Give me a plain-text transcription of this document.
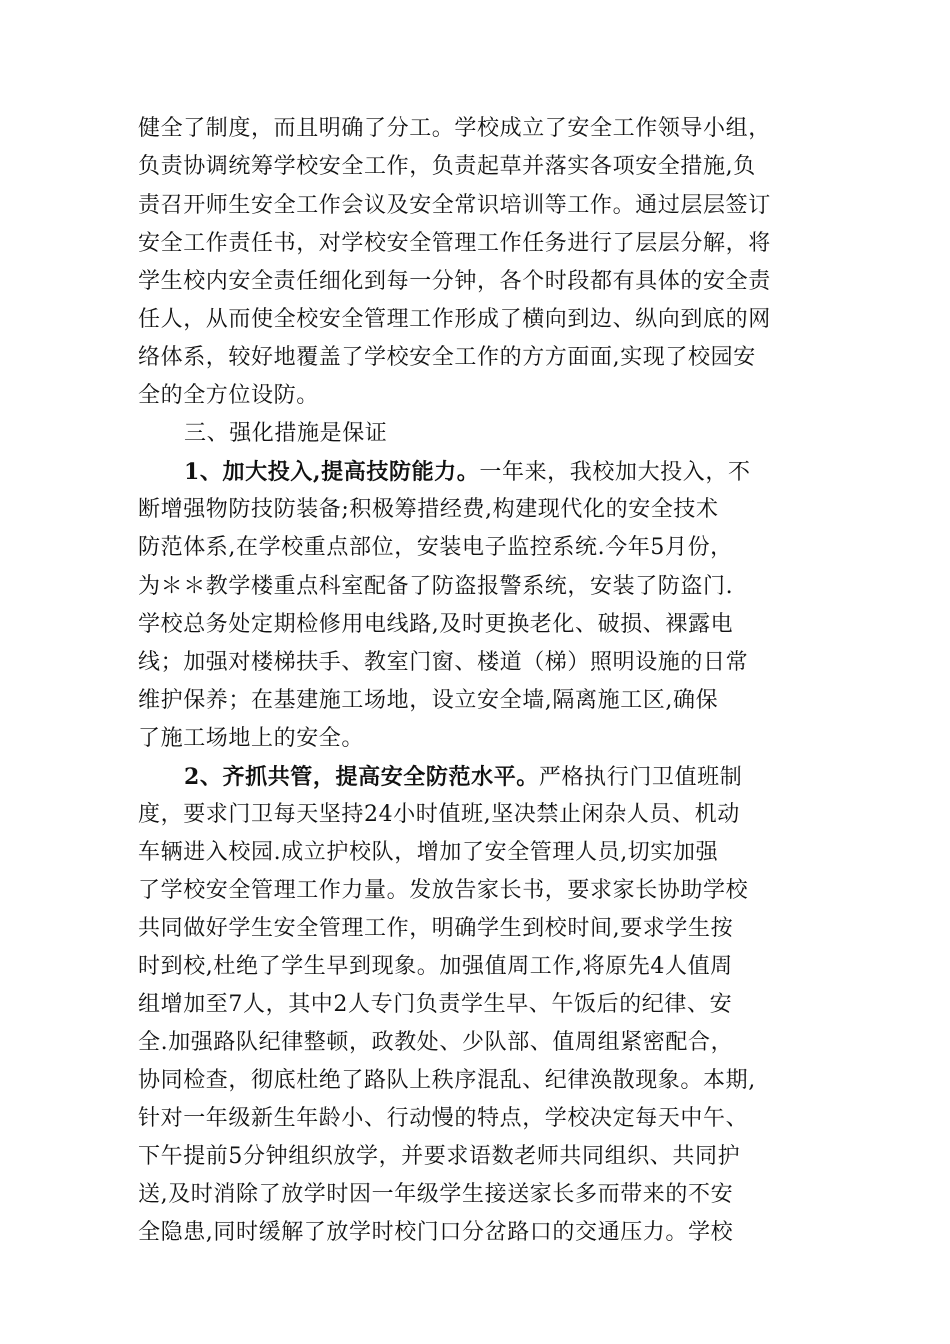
健全了制度，而且明确了分工。学校成立了安全工作领导小组，
负责协调统筹学校安全工作，负责起草并落实各项安全措施,负
责召开师生安全工作会议及安全常识培训等工作。通过层层签订
安全工作责任书，对学校安全管理工作任务进行了层层分解，将
学生校内安全责任细化到每一分钟，各个时段都有具体的安全责
任人，从而使全校安全管理工作形成了横向到边、纵向到底的网
络体系，较好地覆盖了学校安全工作的方方面面,实现了校园安
全的全方位设防。
三、强化措施是保证
1、加大投入,提高技防能力。一年来，我校加大投入，不
断增强物防技防装备;积极筹措经费,构建现代化的安全技术
防范体系,在学校重点部位，安装电子监控系统.今年5月份，
为＊＊教学楼重点科室配备了防盗报警系统，安装了防盗门.
学校总务处定期检修用电线路,及时更换老化、破损、裸露电
线；加强对楼梯扶手、教室门窗、楼道（梯）照明设施的日常
维护保养；在基建施工场地，设立安全墙,隔离施工区,确保
了施工场地上的安全。
2、齐抓共管，提高安全防范水平。严格执行门卫值班制
度，要求门卫每天坚持24小时值班,坚决禁止闲杂人员、机动
车辆进入校园.成立护校队，增加了安全管理人员,切实加强
了学校安全管理工作力量。发放告家长书，要求家长协助学校
共同做好学生安全管理工作，明确学生到校时间,要求学生按
时到校,杜绝了学生早到现象。加强值周工作,将原先4人值周
组增加至7人，其中2人专门负责学生早、午饭后的纪律、安
全.加强路队纪律整顿，政教处、少队部、值周组紧密配合，
协同检查，彻底杜绝了路队上秩序混乱、纪律涣散现象。本期,
针对一年级新生年龄小、行动慢的特点，学校决定每天中午、
下午提前5分钟组织放学，并要求语数老师共同组织、共同护
送,及时消除了放学时因一年级学生接送家长多而带来的不安
全隐患,同时缓解了放学时校门口分岔路口的交通压力。学校
